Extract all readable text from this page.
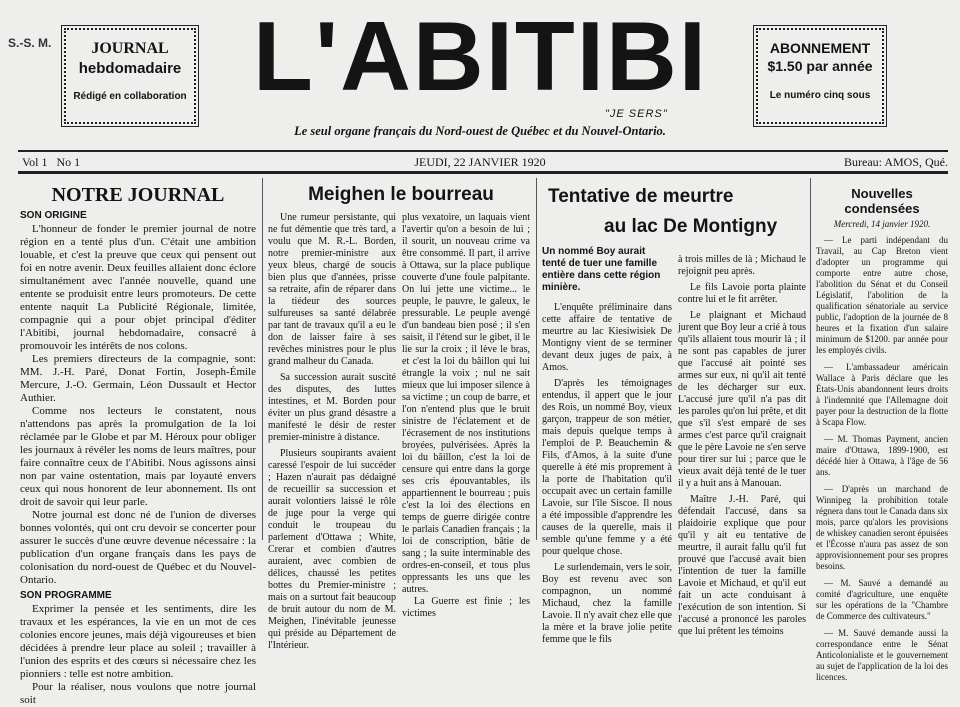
S.-S. M.	JOURNAL
hebdomadaire
Rédigé en collaboration L'ABITIBI
"JE SERS"
Le seul organe français du Nord-ouest de Québec et du Nouvel-Ontario.
ABONNEMENT
$1.50 par année
Le numéro cinq sous
Vol 1   No 1	JEUDI, 22 JANVIER 1920	Bureau: AMOS, Qué.
NOTRE JOURNAL
SON ORIGINE

L'honneur de fonder le premier journal de notre région en a tenté plus d'un. C'était une ambition louable, et c'est la preuve que ceux qui pensent out foi en notre avenir. Deux feuilles allaient donc éclore simultanément avec l'année nouvelle, quand une entente se produisit entre leurs promoteurs. De cette entente naquit La Publicité Régionale, limitée, compagnie qui a pour objet principal d'éditer l'Abitibi, journal hebdomadaire, consacré à promouvoir les intérêts de nos colons.

Les premiers directeurs de la compagnie, sont: MM. J.-H. Paré, Donat Fortin, Joseph-Émile Mercure, J.-O. Germain, Léon Dussault et Hector Authier.

Comme nos lecteurs le constatent, nous n'attendons pas après la promulgation de la loi réclamée par le Globe et par M. Héroux pour obliger les journaux à révéler les noms de leurs maîtres, pour faire connaître ceux de l'Abitibi. Nous agissons ainsi non par vaine ostentation, mais par loyauté envers ceux qui nous honorent de leur abonnement. Ils ont droit de savoir qui leur parle.

Notre journal est donc né de l'union de diverses bonnes volontés, qui ont cru devoir se concerter pour assurer le succès d'une œuvre devenue nécessaire : la publication d'un organe français dans les pays de colonisation du nord-ouest de Québec et du Nouvel-Ontario.

SON PROGRAMME

Exprimer la pensée et les sentiments, dire les travaux et les espérances, la vie en un mot de ces colonies encore jeunes, mais déjà vigoureuses et bien décidées à prendre leur place au soleil ; travailler à l'union des esprits et des cœurs si nécessaire chez les pionniers : telle est notre ambition.

Pour la réaliser, nous voulons que notre journal soit

Une rumeur persistante, qui ne fut démentie que très tard, a voulu que M. R.-L. Borden, notre premier-ministre aux yeux bleus, chargé de soucis bien plus que d'années, prisse sa retraite, afin de réparer dans la tiédeur des sources sulfureuses sa santé délabrée par tant de travaux qu'il a eu le don de laisser faire à ses revêches ministres pour le plus grand malheur du Canada.

Sa succession aurait suscité des disputes, des luttes intestines, et M. Borden pour éviter un plus grand désastre a manifesté le désir de rester premier-ministre à distance.

Plusieurs soupirants avaient caressé l'espoir de lui succéder ; Hazen n'aurait pas dédaigné de recueillir sa succession et aurait volontiers laissé le rôle de juge pour la verge qui conduit le troupeau du parlement d'Ottawa ; White, Crerar et combien d'autres auraient, avec combien de délices, chaussé les petites bottes du Premier-ministre ; mais on a surtout fait beaucoup de bruit autour du nom de M. Meighen, l'inévitable jeunesse qui préside au Département de l'Intérieur.

Meighen le bourreau

plus vexatoire, un laquais vient l'avertir qu'on a besoin de lui ; il sourit, un nouveau crime va être consommé. Il part, il arrive à Ottawa, sur la place publique couverte d'une foule palpitante. On lui jette une victime... le peuple, le pauvre, le galeux, le pressurable. Le peuple avengé d'un bandeau bien posé ; il s'en saisit, il l'étend sur le gibet, il le lie sur la croix ; il lève le bras, et c'est la loi du bâillon qui lui étrangle la voix ; nul ne sait mieux que lui imposer silence à sa victime ; un coup de barre, et l'on n'entend plus que le bruit sinistre de l'éclatement et de l'écrasement de nos institutions broyées, pulvérisées. Après la loi du bâillon, c'est la loi de censure qui entre dans la gorge ses cris épouvantables, ils appartiennent le bourreau ; puis c'est la loi des élections en temps de guerre dirigée contre le parlais Canadien français ; la loi de conscription, bâtie de sang ; la suite interminable des ordres-en-conseil, et tous plus oppressants les uns que les autres.

La Guerre est finie ; les victimes

Un nommé Boy aurait tenté de tuer une famille entière dans cette région minière.

L'enquête préliminaire dans cette affaire de tentative de meurtre au lac Kiesiwisiek De Montigny vient de se terminer devant deux juges de paix, à Amos.

D'après les témoignages entendus, il appert que le jour des Rois, un nommé Boy, vieux garçon, trappeur de son métier, mais depuis quelque temps à l'emploi de P. Beauchemin & Fils, d'Amos, à la suite d'une querelle à été mis proprement à la porte de l'habitation qu'il occupait avec un certain famille Lavoie, sur l'île Siscoe. Il nous a été impossible d'apprendre les causes de la querelle, mais il semble qu'une femme y a été pour quelque chose.

Le surlendemain, vers le soir, Boy est revenu avec son compagnon, un nommé Michaud, chez la famille Lavoie. Il n'y avait chez elle que la mère et la brave jolie petite femme que le fils

Tentative de meurtre
au lac De Montigny

à trois milles de là ; Michaud le rejoignit peu après.

Le fils Lavoie porta plainte contre lui et le fit arrêter.

Le plaignant et Michaud jurent que Boy leur a crié à tous qu'ils allaient tous mourir là ; il ne sont pas capables de jurer que l'accusé ait pointé ses armes sur eux, ni qu'il ait tenté de les décharger sur eux. L'accusé jure qu'il n'a pas dit les paroles qu'on lui prête, et dit que s'il s'est emparé de ses armes c'est parce qu'il craignait que le père Lavoie ne s'en serve pour tirer sur lui ; parce que le vieux avait déjà tenté de le tuer il y a huit ans à Manouan.

Maître J.-H. Paré, qui défendait l'accusé, dans sa plaidoirie explique que pour qu'il y ait eu tentative de meurtre, il aurait fallu qu'il fut prouvé que l'accusé avait bien l'intention de tuer la famille Lavoie et Michaud, et qu'il eut fait un acte conduisant à l'exécution de son intention. Si l'accusé a prononcé les paroles que lui prêtent les témoins

Nouvelles condensées
Mercredi, 14 janvier 1920.
— Le parti indépendant du Travail, au Cap Breton vient d'adopter un programme qui comporte entre autre chose, l'abolition du Sénat et du Conseil Législatif, l'abolition de la qualification sénatoriale au service public, l'adoption de la journée de 8 heures et la fixation d'un salaire minimum de $1200. par année pour les employés civils.
— L'ambassadeur américain Wallace à Paris déclare que les États-Unis abandonnent leurs droits à l'indemnité que l'Allemagne doit payer pour la destruction de la flotte à Scapa Flow.
— M. Thomas Payment, ancien maire d'Ottawa, 1899-1900, est décédé hier à Ottawa, à l'âge de 56 ans.
— D'après un marchand de Winnipeg la prohibition totale régnera dans tout le Canada dans six mois, parce qu'alors les provisions de whiskey canadien seront épuisées et l'Écosse n'aura pas assez de son approvisionnement pour ses propres besoins.
— M. Sauvé a demandé au comité d'agriculture, une enquête sur les opérations de la "Chambre de Commerce des cultivateurs."
— M. Sauvé demande aussi la correspondance entre le Sénat Anticolonialiste et le gouvernement au sujet de l'application de la loi des licences.
